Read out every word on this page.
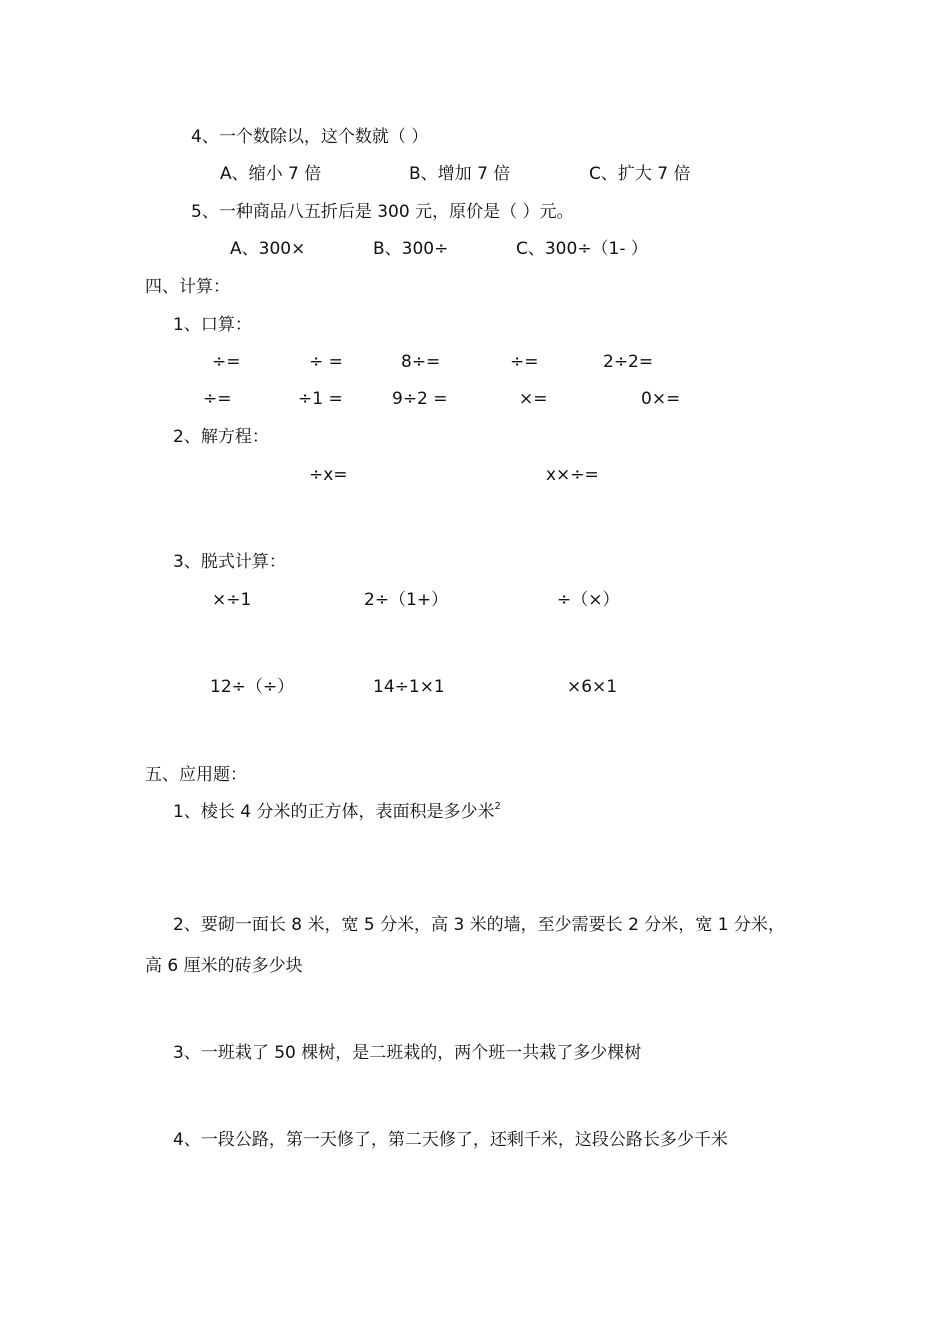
4、一个数除以，这个数就（ ）
A、缩小 7 倍	B、增加 7 倍	C、扩大 7 倍
5、一种商品八五折后是 300 元，原价是（ ）元。
A、300×	B、300÷	C、300÷（1- ）
四、计算：
1、口算：
÷=	÷ =	8÷=	÷=	2÷2=
÷=	÷1 =	9÷2 =	×=	0×=
2、解方程：
÷x=	x×÷=
3、脱式计算：
×÷1	2÷（1+）	÷（×）
12÷（÷）	14÷1×1	×6×1
五、应用题：
1、棱长 4 分米的正方体，表面积是多少米$^2$
2、要砌一面长 8 米，宽 5 分米，高 3 米的墙，至少需要长 2 分米，宽 1 分米，
高 6 厘米的砖多少块
3、一班栽了 50 棵树，是二班栽的，两个班一共栽了多少棵树
4、一段公路，第一天修了，第二天修了，还剩千米，这段公路长多少千米
